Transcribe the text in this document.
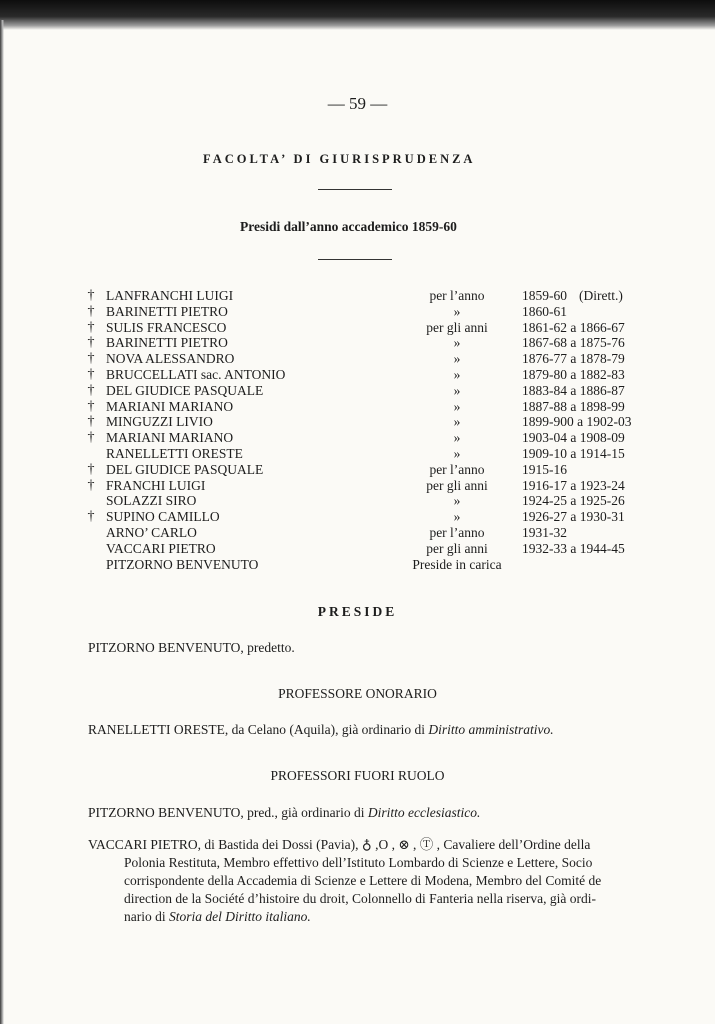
— 59 —
FACOLTA’ DI GIURISPRUDENZA
Presidi dall’anno accademico 1859-60
† LANFRANCHI LUIGI	per l’anno	1859-60 (Dirett.)
† BARINETTI PIETRO	»	1860-61
† SULIS FRANCESCO	per gli anni	1861-62 a 1866-67
† BARINETTI PIETRO	»	1867-68 a 1875-76
† NOVA ALESSANDRO	»	1876-77 a 1878-79
† BRUCCELLATI sac. ANTONIO	»	1879-80 a 1882-83
† DEL GIUDICE PASQUALE	»	1883-84 a 1886-87
† MARIANI MARIANO	»	1887-88 a 1898-99
† MINGUZZI LIVIO	»	1899-900 a 1902-03
† MARIANI MARIANO	»	1903-04 a 1908-09
RANELLETTI ORESTE	»	1909-10 a 1914-15
† DEL GIUDICE PASQUALE	per l’anno	1915-16
† FRANCHI LUIGI	per gli anni	1916-17 a 1923-24
SOLAZZI SIRO	»	1924-25 a 1925-26
† SUPINO CAMILLO	»	1926-27 a 1930-31
ARNO’ CARLO	per l’anno	1931-32
VACCARI PIETRO	per gli anni	1932-33 a 1944-45
PITZORNO BENVENUTO	Preside in carica
PRESIDE
PITZORNO BENVENUTO, predetto.
PROFESSORE ONORARIO
RANELLETTI ORESTE, da Celano (Aquila), già ordinario di Diritto amministrativo.
PROFESSORI FUORI RUOLO
PITZORNO BENVENUTO, pred., già ordinario di Diritto ecclesiastico.
VACCARI PIETRO, di Bastida dei Dossi (Pavia), ♁ ,O , ⊗ , Ⓣ , Cavaliere dell’Ordine della
Polonia Restituta, Membro effettivo dell’Istituto Lombardo di Scienze e Lettere, Socio
corrispondente della Accademia di Scienze e Lettere di Modena, Membro del Comité de
direction de la Société d’histoire du droit, Colonnello di Fanteria nella riserva, già ordi-
nario di Storia del Diritto italiano.
